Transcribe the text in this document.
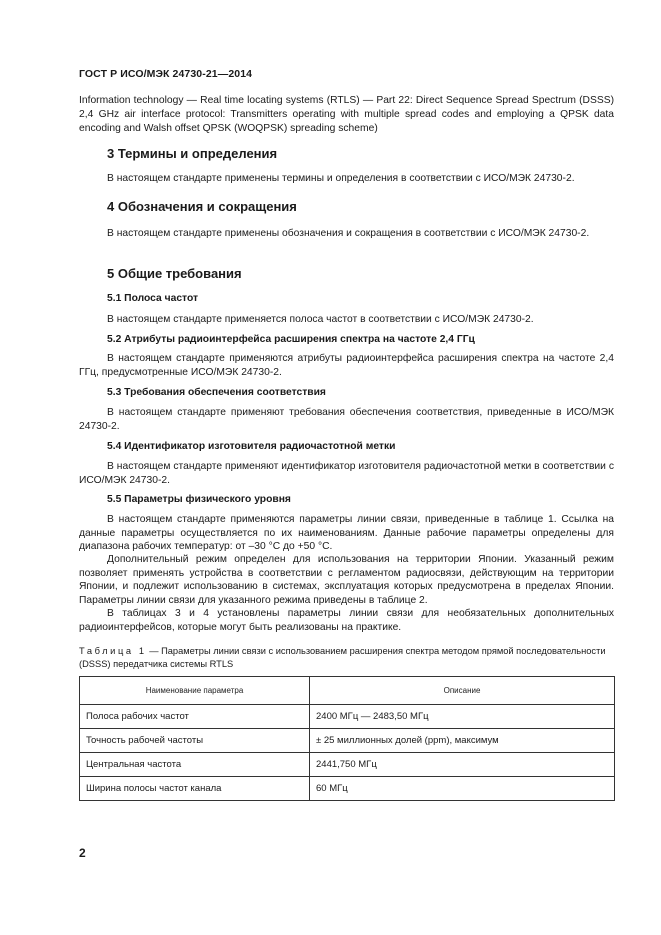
ГОСТ Р ИСО/МЭК 24730-21—2014
Information technology — Real time locating systems (RTLS) — Part 22: Direct Sequence Spread Spectrum (DSSS) 2,4 GHz air interface protocol: Transmitters operating with multiple spread codes and employing a QPSK data encoding and Walsh offset QPSK (WOQPSK) spreading scheme)
3 Термины и определения
В настоящем стандарте применены термины и определения в соответствии с ИСО/МЭК 24730-2.
4 Обозначения и сокращения
В настоящем стандарте применены обозначения и сокращения в соответствии с ИСО/МЭК 24730-2.
5 Общие требования
5.1 Полоса частот
В настоящем стандарте применяется полоса частот в соответствии с ИСО/МЭК 24730-2.
5.2 Атрибуты радиоинтерфейса расширения спектра на частоте 2,4 ГГц
В настоящем стандарте применяются атрибуты радиоинтерфейса расширения спектра на частоте 2,4 ГГц, предусмотренные ИСО/МЭК 24730-2.
5.3 Требования обеспечения соответствия
В настоящем стандарте применяют требования обеспечения соответствия, приведенные в ИСО/МЭК 24730-2.
5.4 Идентификатор изготовителя радиочастотной метки
В настоящем стандарте применяют идентификатор изготовителя радиочастотной метки в соответствии с ИСО/МЭК 24730-2.
5.5 Параметры физического уровня
В настоящем стандарте применяются параметры линии связи, приведенные в таблице 1. Ссылка на данные параметры осуществляется по их наименованиям. Данные рабочие параметры определены для диапазона рабочих температур: от –30 °С до +50 °С.
Дополнительный режим определен для использования на территории Японии. Указанный режим позволяет применять устройства в соответствии с регламентом радиосвязи, действующим на территории Японии, и подлежит использованию в системах, эксплуатация которых предусмотрена в пределах Японии. Параметры линии связи для указанного режима приведены в таблице 2.
В таблицах 3 и 4 установлены параметры линии связи для необязательных дополнительных радиоинтерфейсов, которые могут быть реализованы на практике.
Таблица 1 — Параметры линии связи с использованием расширения спектра методом прямой последовательности (DSSS) передатчика системы RTLS
Наименование параметра	Описание
Полоса рабочих частот	2400 МГц — 2483,50 МГц
Точность рабочей частоты	± 25 миллионных долей (ppm), максимум
Центральная частота	2441,750 МГц
Ширина полосы частот канала	60 МГц
2
